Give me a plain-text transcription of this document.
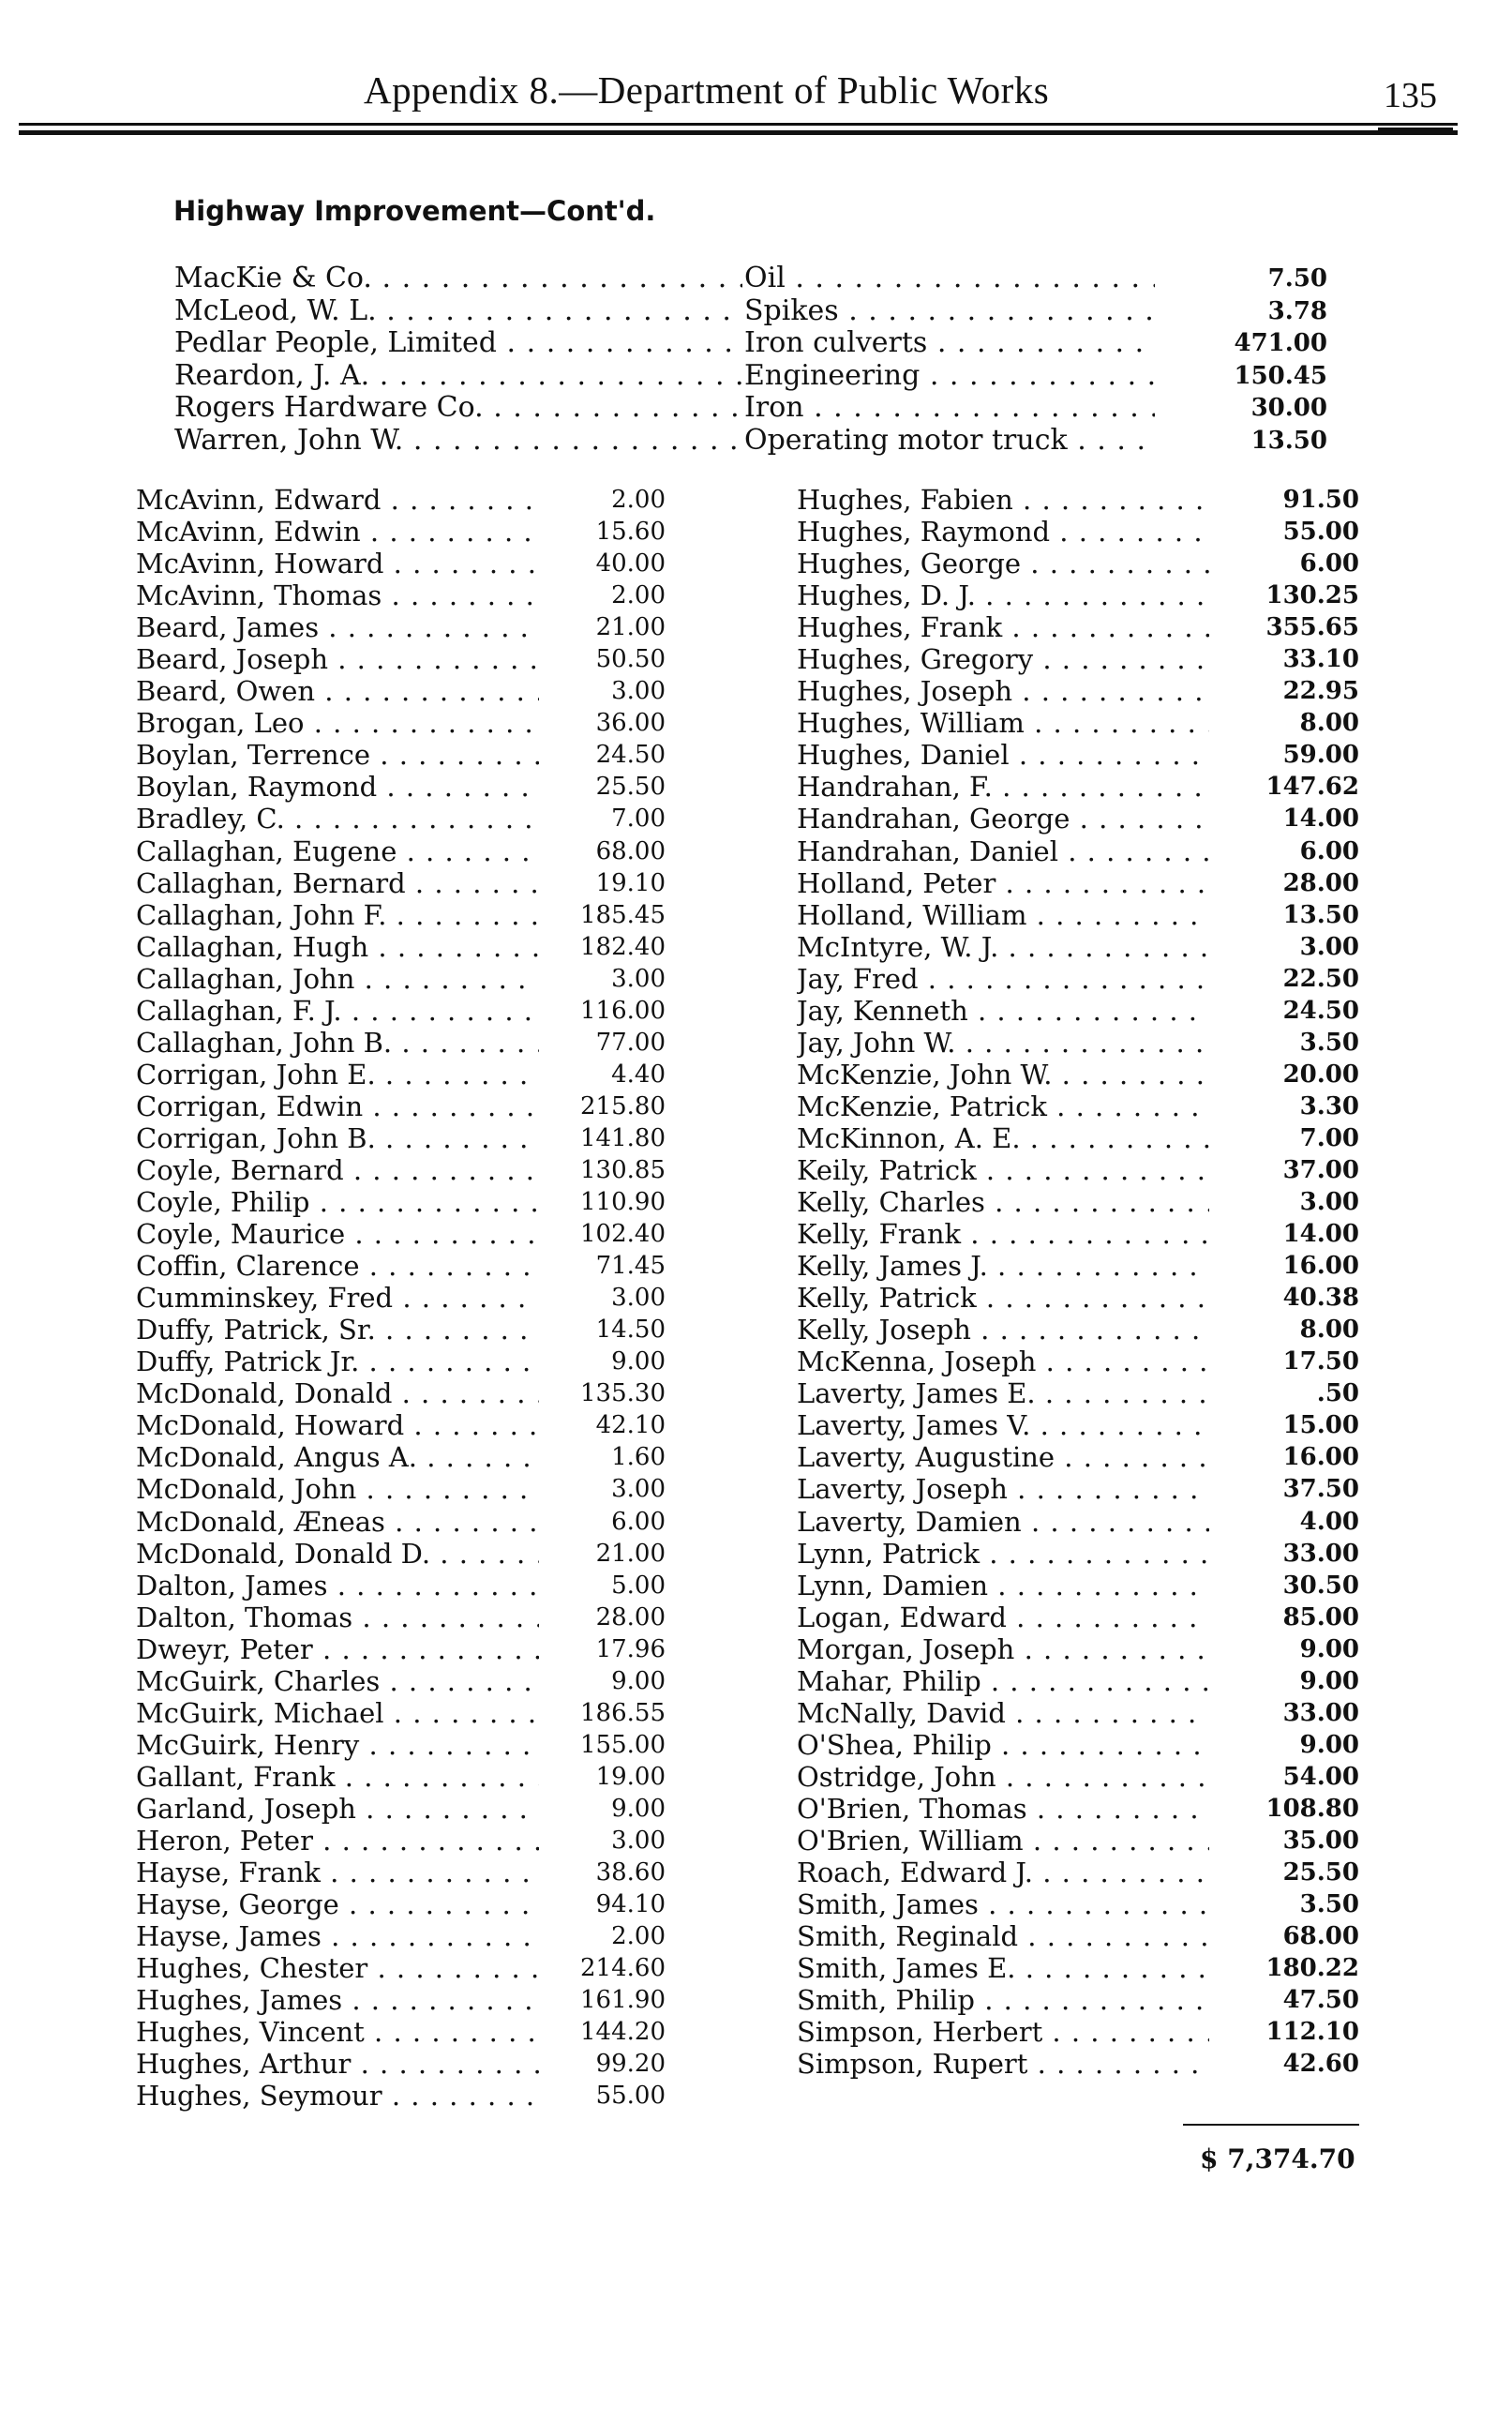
Appendix 8.—Department of Public Works	135
Highway Improvement—Cont'd.
MacKie & Co. . . .	Oil . . .	7.50
McLeod, W. L. . . .	Spikes . . .	3.78
Pedlar People, Limited . . .	Iron culverts . . .	471.00
Reardon, J. A. . . .	Engineering . . .	150.45
Rogers Hardware Co. . . .	Iron . . .	30.00
Warren, John W. . . .	Operating motor truck . . .	13.50
McAvinn, Edward . . .	2.00
McAvinn, Edwin . . .	15.60
McAvinn, Howard . . .	40.00
McAvinn, Thomas . . .	2.00
Beard, James . . .	21.00
Beard, Joseph . . .	50.50
Beard, Owen . . .	3.00
Brogan, Leo . . .	36.00
Boylan, Terrence . . .	24.50
Boylan, Raymond . . .	25.50
Bradley, C. . . .	7.00
Callaghan, Eugene . . .	68.00
Callaghan, Bernard . . .	19.10
Callaghan, John F. . . .	185.45
Callaghan, Hugh . . .	182.40
Callaghan, John . . .	3.00
Callaghan, F. J. . . .	116.00
Callaghan, John B. . . .	77.00
Corrigan, John E. . . .	4.40
Corrigan, Edwin . . .	215.80
Corrigan, John B. . . .	141.80
Coyle, Bernard . . .	130.85
Coyle, Philip . . .	110.90
Coyle, Maurice . . .	102.40
Coffin, Clarence . . .	71.45
Cumminskey, Fred . . .	3.00
Duffy, Patrick, Sr. . . .	14.50
Duffy, Patrick Jr. . . .	9.00
McDonald, Donald . . .	135.30
McDonald, Howard . . .	42.10
McDonald, Angus A. . . .	1.60
McDonald, John . . .	3.00
McDonald, Æneas . . .	6.00
McDonald, Donald D. . . .	21.00
Dalton, James . . .	5.00
Dalton, Thomas . . .	28.00
Dweyr, Peter . . .	17.96
McGuirk, Charles . . .	9.00
McGuirk, Michael . . .	186.55
McGuirk, Henry . . .	155.00
Gallant, Frank . . .	19.00
Garland, Joseph . . .	9.00
Heron, Peter . . .	3.00
Hayse, Frank . . .	38.60
Hayse, George . . .	94.10
Hayse, James . . .	2.00
Hughes, Chester . . .	214.60
Hughes, James . . .	161.90
Hughes, Vincent . . .	144.20
Hughes, Arthur . . .	99.20
Hughes, Seymour . . .	55.00
Hughes, Fabien . . .	91.50
Hughes, Raymond . . .	55.00
Hughes, George . . .	6.00
Hughes, D. J. . . .	130.25
Hughes, Frank . . .	355.65
Hughes, Gregory . . .	33.10
Hughes, Joseph . . .	22.95
Hughes, William . . .	8.00
Hughes, Daniel . . .	59.00
Handrahan, F. . . .	147.62
Handrahan, George . . .	14.00
Handrahan, Daniel . . .	6.00
Holland, Peter . . .	28.00
Holland, William . . .	13.50
McIntyre, W. J. . . .	3.00
Jay, Fred . . .	22.50
Jay, Kenneth . . .	24.50
Jay, John W. . . .	3.50
McKenzie, John W. . . .	20.00
McKenzie, Patrick . . .	3.30
McKinnon, A. E. . . .	7.00
Keily, Patrick . . .	37.00
Kelly, Charles . . .	3.00
Kelly, Frank . . .	14.00
Kelly, James J. . . .	16.00
Kelly, Patrick . . .	40.38
Kelly, Joseph . . .	8.00
McKenna, Joseph . . .	17.50
Laverty, James E. . . .	.50
Laverty, James V. . . .	15.00
Laverty, Augustine . . .	16.00
Laverty, Joseph . . .	37.50
Laverty, Damien . . .	4.00
Lynn, Patrick . . .	33.00
Lynn, Damien . . .	30.50
Logan, Edward . . .	85.00
Morgan, Joseph . . .	9.00
Mahar, Philip . . .	9.00
McNally, David . . .	33.00
O'Shea, Philip . . .	9.00
Ostridge, John . . .	54.00
O'Brien, Thomas . . .	108.80
O'Brien, William . . .	35.00
Roach, Edward J. . . .	25.50
Smith, James . . .	3.50
Smith, Reginald . . .	68.00
Smith, James E. . . .	180.22
Smith, Philip . . .	47.50
Simpson, Herbert . . .	112.10
Simpson, Rupert . . .	42.60
$ 7,374.70
